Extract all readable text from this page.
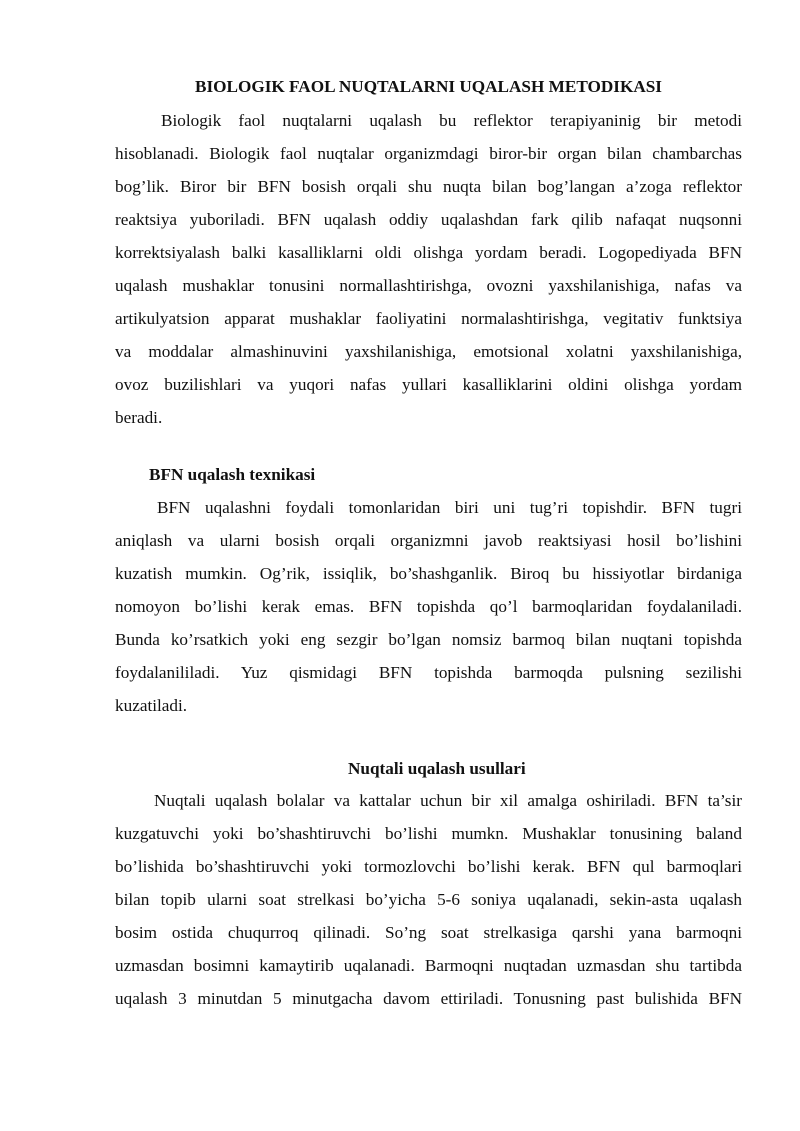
BIOLOGIK FAOL NUQTALARNI UQALASH METODIKASI

Biologik faol nuqtalarni uqalash bu reflektor terapiyaninig bir metodi

hisoblanadi. Biologik faol nuqtalar organizmdagi biror-bir organ bilan chambarchas

bog’lik. Biror bir BFN bosish orqali shu nuqta bilan bog’langan a’zoga reflektor

reaktsiya yuboriladi. BFN uqalash oddiy uqalashdan fark qilib nafaqat nuqsonni

korrektsiyalash balki kasalliklarni oldi olishga yordam beradi. Logopediyada BFN

uqalash mushaklar tonusini normallashtirishga, ovozni yaxshilanishiga, nafas va

artikulyatsion apparat mushaklar faoliyatini normalashtirishga, vegitativ funktsiya

va moddalar almashinuvini yaxshilanishiga, emotsional xolatni yaxshilanishiga,

ovoz buzilishlari va yuqori nafas yullari kasalliklarini oldini olishga yordam

beradi.

BFN uqalash texnikasi

BFN uqalashni foydali tomonlaridan biri uni tug’ri topishdir. BFN tugri

aniqlash va ularni bosish orqali organizmni javob reaktsiyasi hosil bo’lishini

kuzatish mumkin. Og’rik, issiqlik, bo’shashganlik. Biroq bu hissiyotlar birdaniga

nomoyon bo’lishi kerak emas. BFN topishda qo’l barmoqlaridan foydalaniladi.

Bunda ko’rsatkich yoki eng sezgir bo’lgan nomsiz barmoq bilan nuqtani topishda

foydalanililadi. Yuz qismidagi BFN topishda barmoqda pulsning sezilishi

kuzatiladi.

Nuqtali uqalash usullari

Nuqtali uqalash bolalar va kattalar uchun bir xil amalga oshiriladi. BFN ta’sir

kuzgatuvchi yoki bo’shashtiruvchi bo’lishi mumkn. Mushaklar tonusining baland

bo’lishida bo’shashtiruvchi yoki tormozlovchi bo’lishi kerak. BFN qul barmoqlari

bilan topib ularni soat strelkasi bo’yicha 5-6 soniya uqalanadi, sekin-asta uqalash

bosim ostida chuqurroq qilinadi. So’ng soat strelkasiga qarshi yana barmoqni

uzmasdan bosimni kamaytirib uqalanadi. Barmoqni nuqtadan uzmasdan shu tartibda

uqalash 3 minutdan 5 minutgacha davom ettiriladi. Tonusning past bulishida BFN
